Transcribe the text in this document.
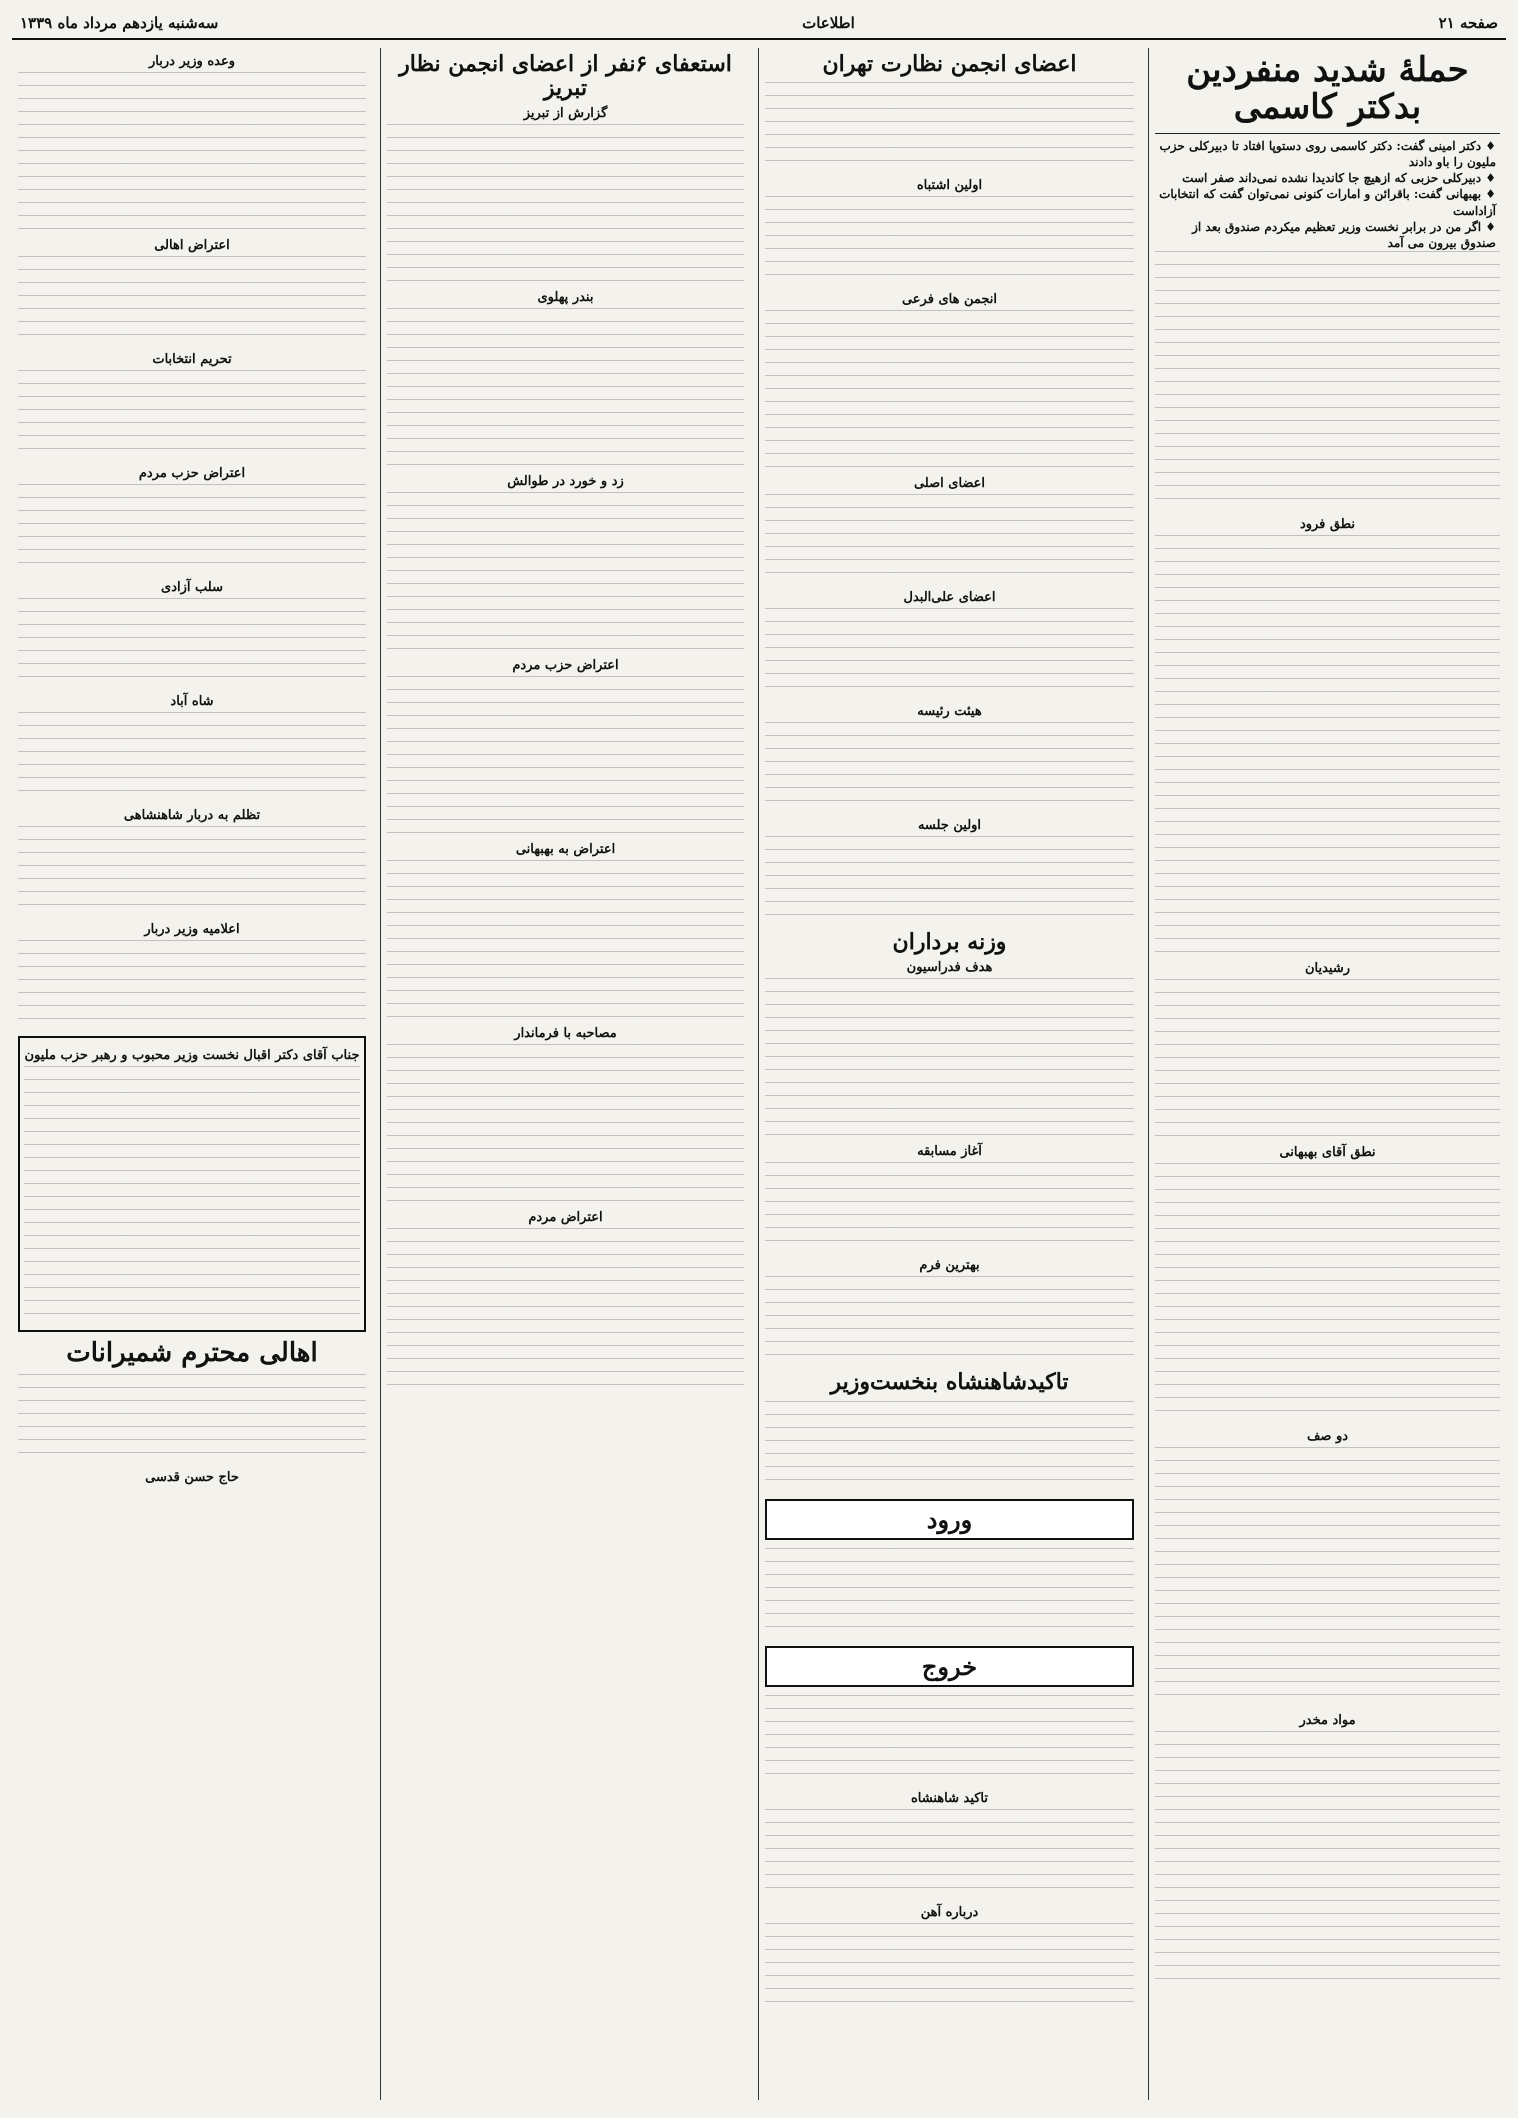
صفحه ۲۱
اطلاعات
سه‌شنبه یازدهم مرداد ماه ۱۳۳۹
حملهٔ شدید منفردین بدکتر کاسمی
♦ دکتر امینی گفت: دکتر کاسمی روی دستوپا افتاد تا دبیرکلی حزب ملیون را باو دادند
♦ دبیرکلی حزبی که ازهیچ جا کاندیدا نشده نمی‌داند صفر است
♦ بهبهانی گفت: باقرائن و امارات کنونی نمی‌توان گفت که انتخابات آزاداست
♦ اگر من در برابر نخست وزیر تعظیم میکردم صندوق بعد از صندوق بیرون می آمد
نطق فرود
رشیدیان
نطق آقای بهبهانی
دو صف
مواد مخدر
اعضای انجمن نظارت تهران
اولین اشتباه
انجمن های فرعی
اعضای اصلی
اعضای علی‌البدل
هیئت رئیسه
اولین جلسه
وزنه برداران
هدف فدراسیون
آغاز مسابقه
بهترین فرم
تاکیدشاهنشاه بنخست‌وزیر
ورود
خروج
تاکید شاهنشاه
درباره آهن
استعفای ۶نفر از اعضای انجمن نظار تبریز
گزارش از تبریز
بندر پهلوی
زد و خورد در طوالش
اعتراض حزب مردم
اعتراض به بهبهانی
مصاحبه با فرماندار
اعتراض مردم
وعده وزیر دربار
اعتراض اهالی
تحریم انتخابات
اعتراض حزب مردم
سلب آزادی
شاه آباد
تظلم به دربار شاهنشاهی
اعلامیه وزیر دربار
جناب آقای دکتر اقبال نخست وزیر محبوب و رهبر حزب ملیون
اهالی محترم شمیرانات
حاج حسن قدسی
